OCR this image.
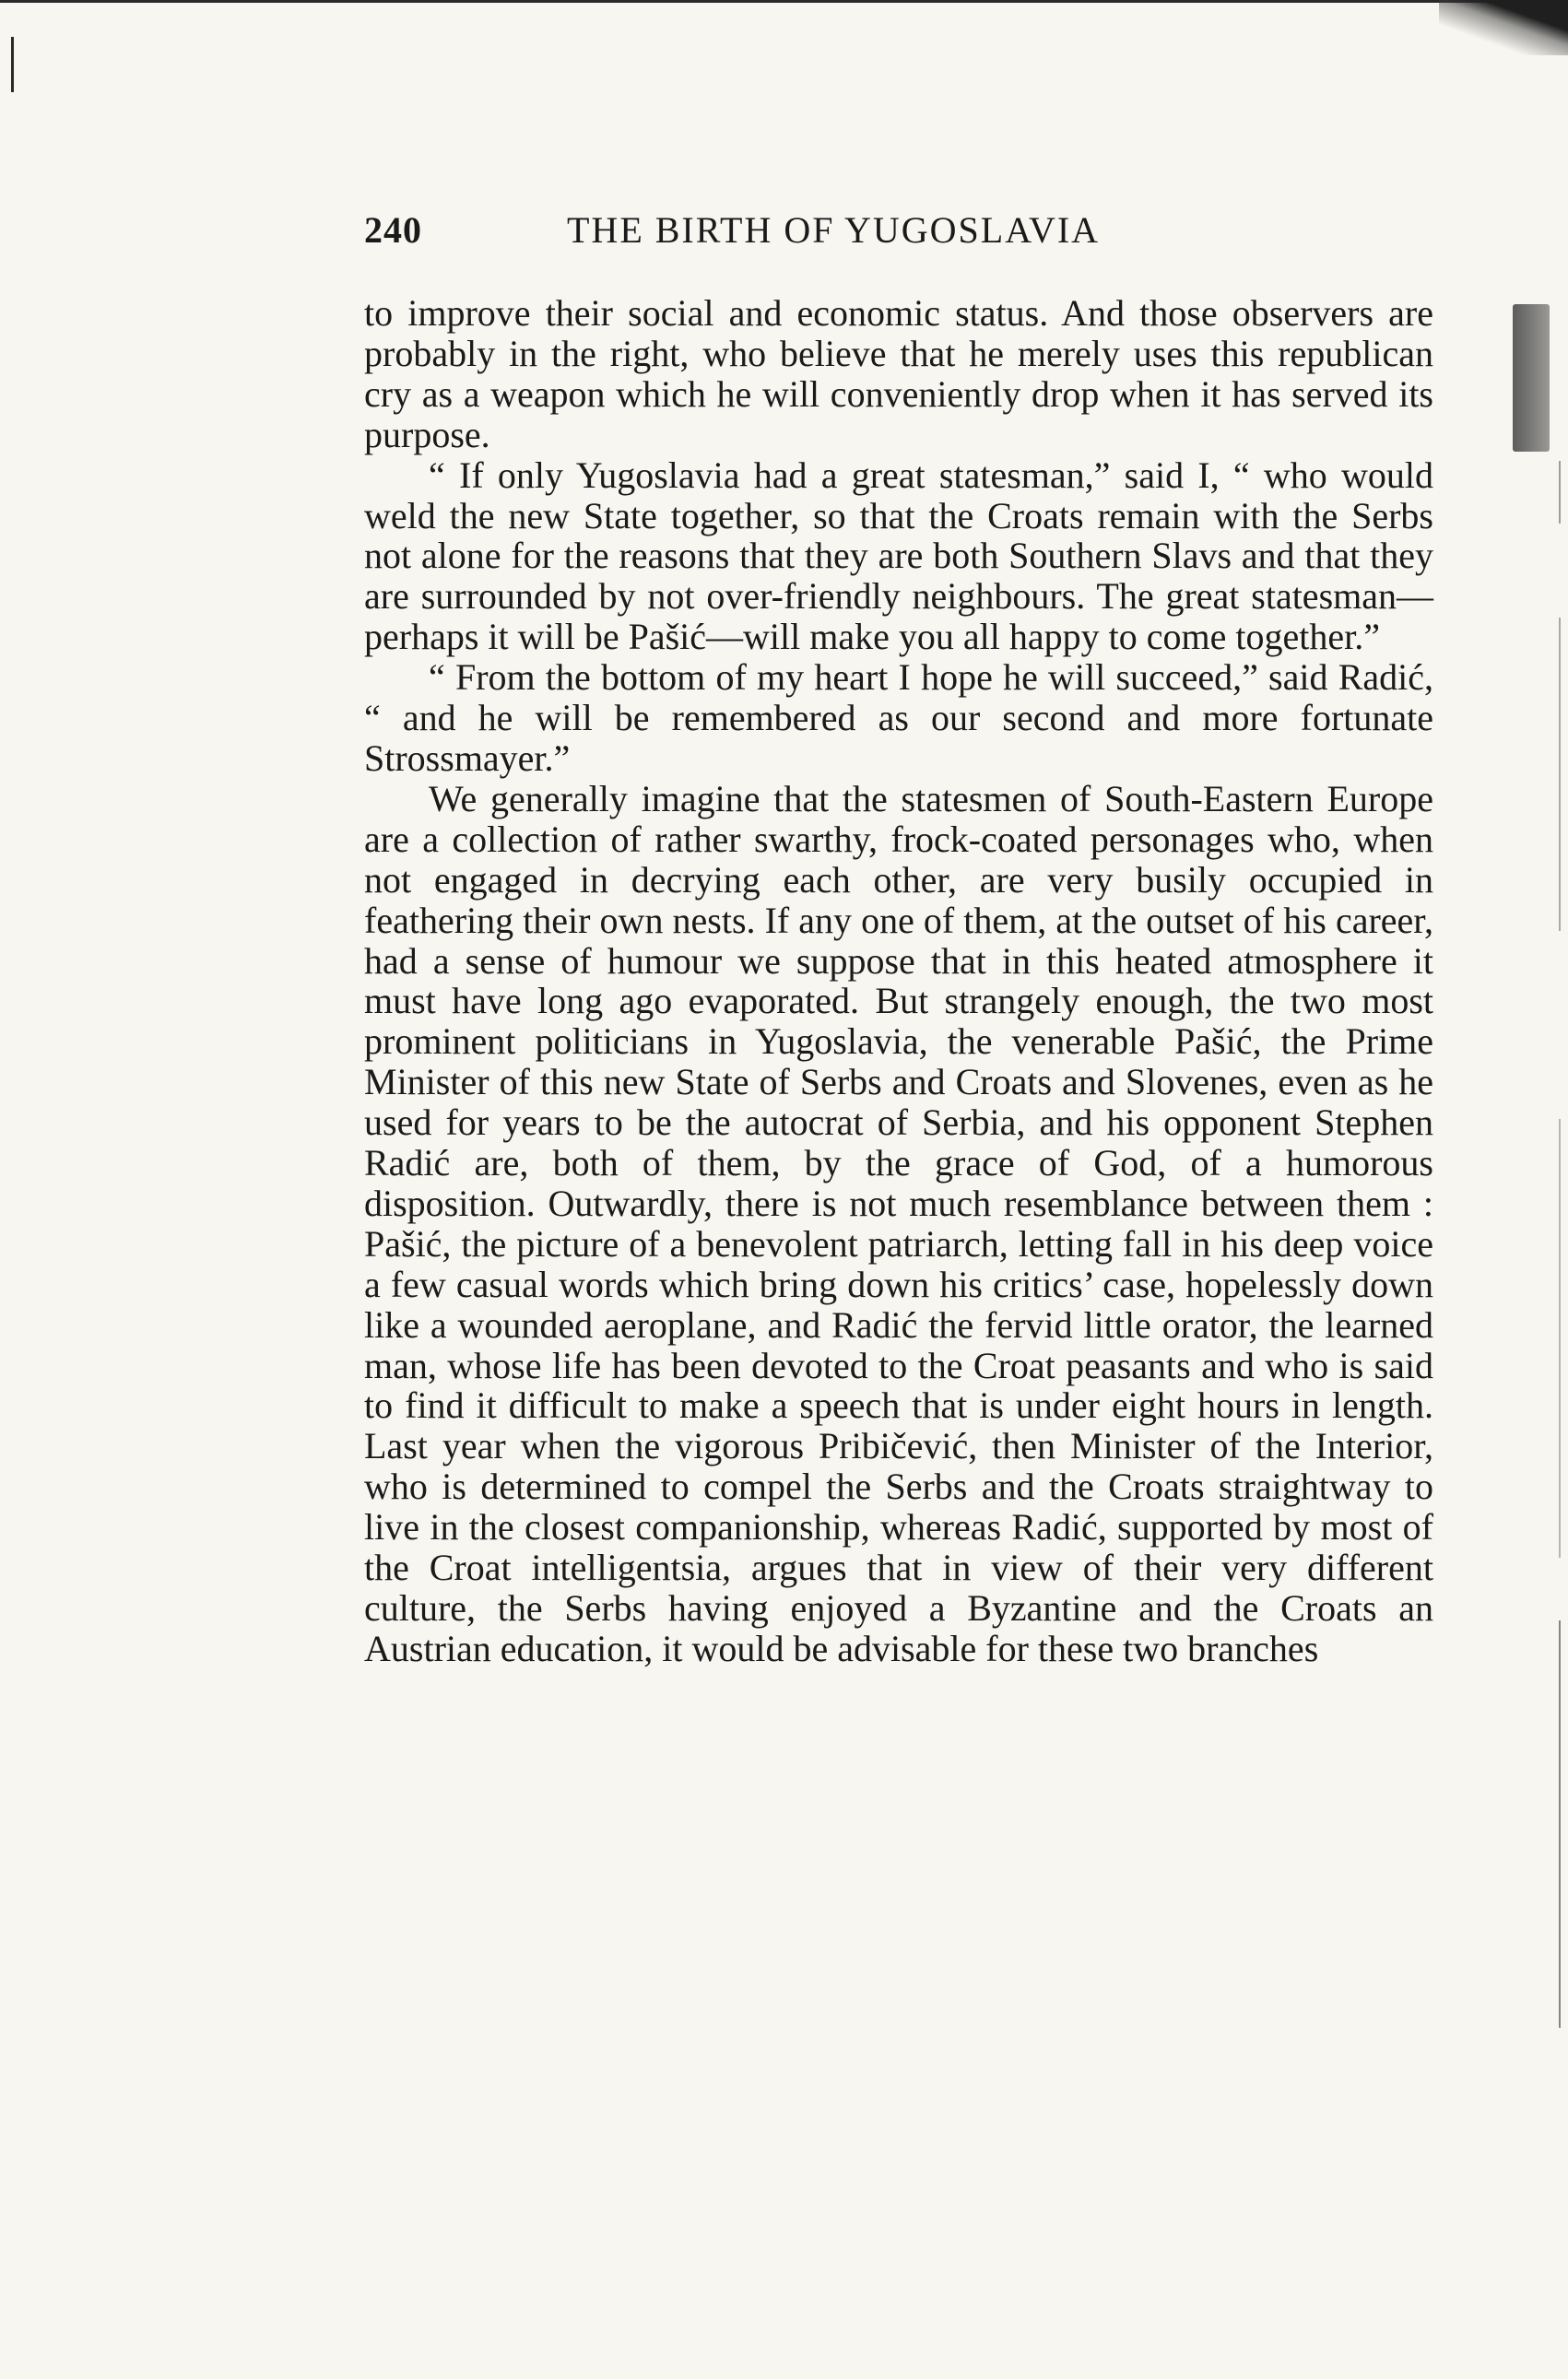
240	THE BIRTH OF YUGOSLAVIA

to improve their social and economic status. And those observers are probably in the right, who believe that he merely uses this republican cry as a weapon which he will conveniently drop when it has served its purpose.

“ If only Yugoslavia had a great statesman,” said I, “ who would weld the new State together, so that the Croats remain with the Serbs not alone for the reasons that they are both Southern Slavs and that they are surrounded by not over-friendly neighbours. The great statesman—perhaps it will be Pašić—will make you all happy to come together.”

“ From the bottom of my heart I hope he will succeed,” said Radić, “ and he will be remembered as our second and more fortunate Strossmayer.”

We generally imagine that the statesmen of South-Eastern Europe are a collection of rather swarthy, frock-coated personages who, when not engaged in decrying each other, are very busily occupied in feathering their own nests. If any one of them, at the outset of his career, had a sense of humour we suppose that in this heated atmosphere it must have long ago evaporated. But strangely enough, the two most prominent politicians in Yugoslavia, the venerable Pašić, the Prime Minister of this new State of Serbs and Croats and Slovenes, even as he used for years to be the autocrat of Serbia, and his opponent Stephen Radić are, both of them, by the grace of God, of a humorous disposition. Outwardly, there is not much resemblance between them : Pašić, the picture of a benevolent patriarch, letting fall in his deep voice a few casual words which bring down his critics’ case, hopelessly down like a wounded aeroplane, and Radić the fervid little orator, the learned man, whose life has been devoted to the Croat peasants and who is said to find it difficult to make a speech that is under eight hours in length. Last year when the vigorous Pribičević, then Minister of the Interior, who is determined to compel the Serbs and the Croats straightway to live in the closest companionship, whereas Radić, supported by most of the Croat intelligentsia, argues that in view of their very different culture, the Serbs having enjoyed a Byzantine and the Croats an Austrian education, it would be advisable for these two branches
